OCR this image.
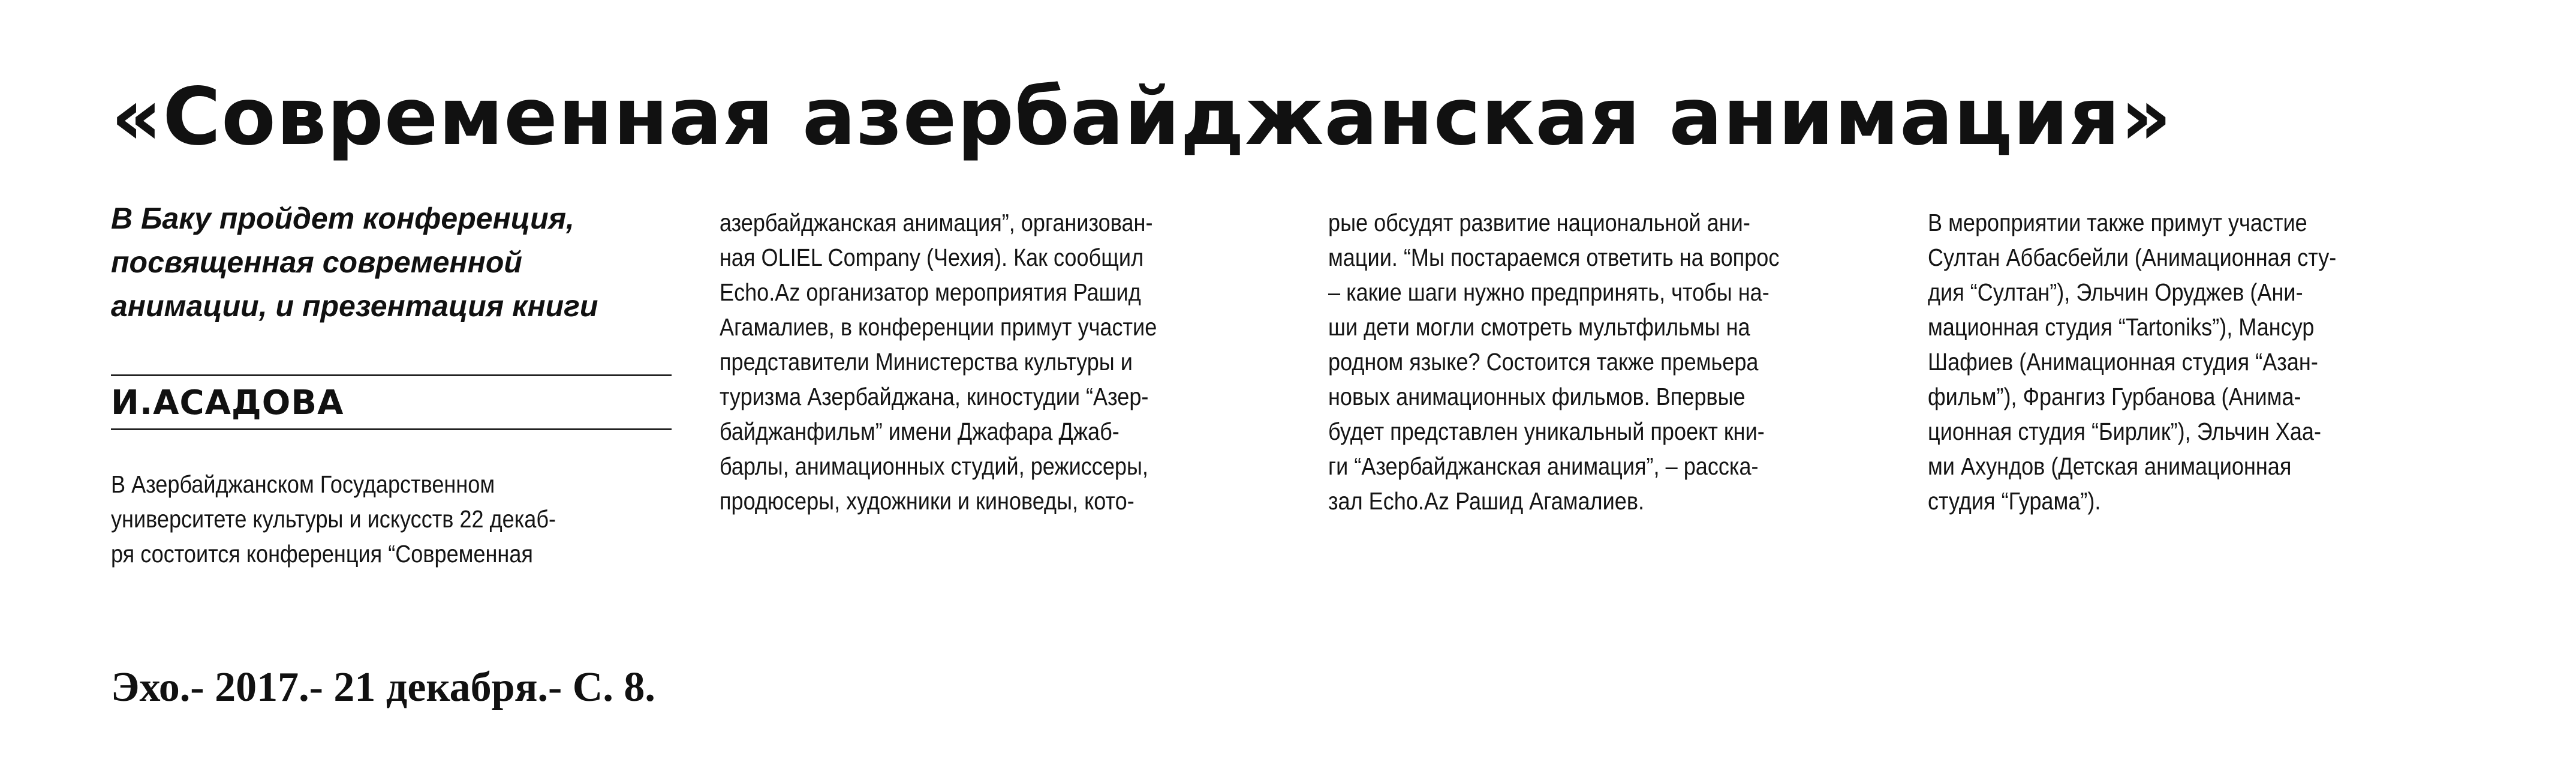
«Современная азербайджанская анимация»
В Баку пройдет конференция, посвященная современной анимации, и презентация книги
И.АСАДОВА
В Азербайджанском Государственном
университете культуры и искусств 22 декаб-
ря состоится конференция “Современная
азербайджанская анимация”, организован-
ная OLIEL Company (Чехия). Как сообщил
Echo.Az организатор мероприятия Рашид
Агамалиев, в конференции примут участие
представители Министерства культуры и
туризма Азербайджана, киностудии “Азер-
байджанфильм” имени Джафара Джаб-
барлы, анимационных студий, режиссеры,
продюсеры, художники и киноведы, кото-
рые обсудят развитие национальной ани-
мации. “Мы постараемся ответить на вопрос
– какие шаги нужно предпринять, чтобы на-
ши дети могли смотреть мультфильмы на
родном языке? Состоится также премьера
новых анимационных фильмов. Впервые
будет представлен уникальный проект кни-
ги “Азербайджанская анимация”, – расска-
зал Echo.Az Рашид Агамалиев.
В мероприятии также примут участие
Султан Аббасбейли (Анимационная сту-
дия “Султан”), Эльчин Оруджев (Ани-
мационная студия “Tartoniks”), Мансур
Шафиев (Анимационная студия “Азан-
фильм”), Франгиз Гурбанова (Анима-
ционная студия “Бирлик”), Эльчин Хаа-
ми Ахундов (Детская анимационная
студия “Гурама”).
Эхо.- 2017.- 21 декабря.- С. 8.
